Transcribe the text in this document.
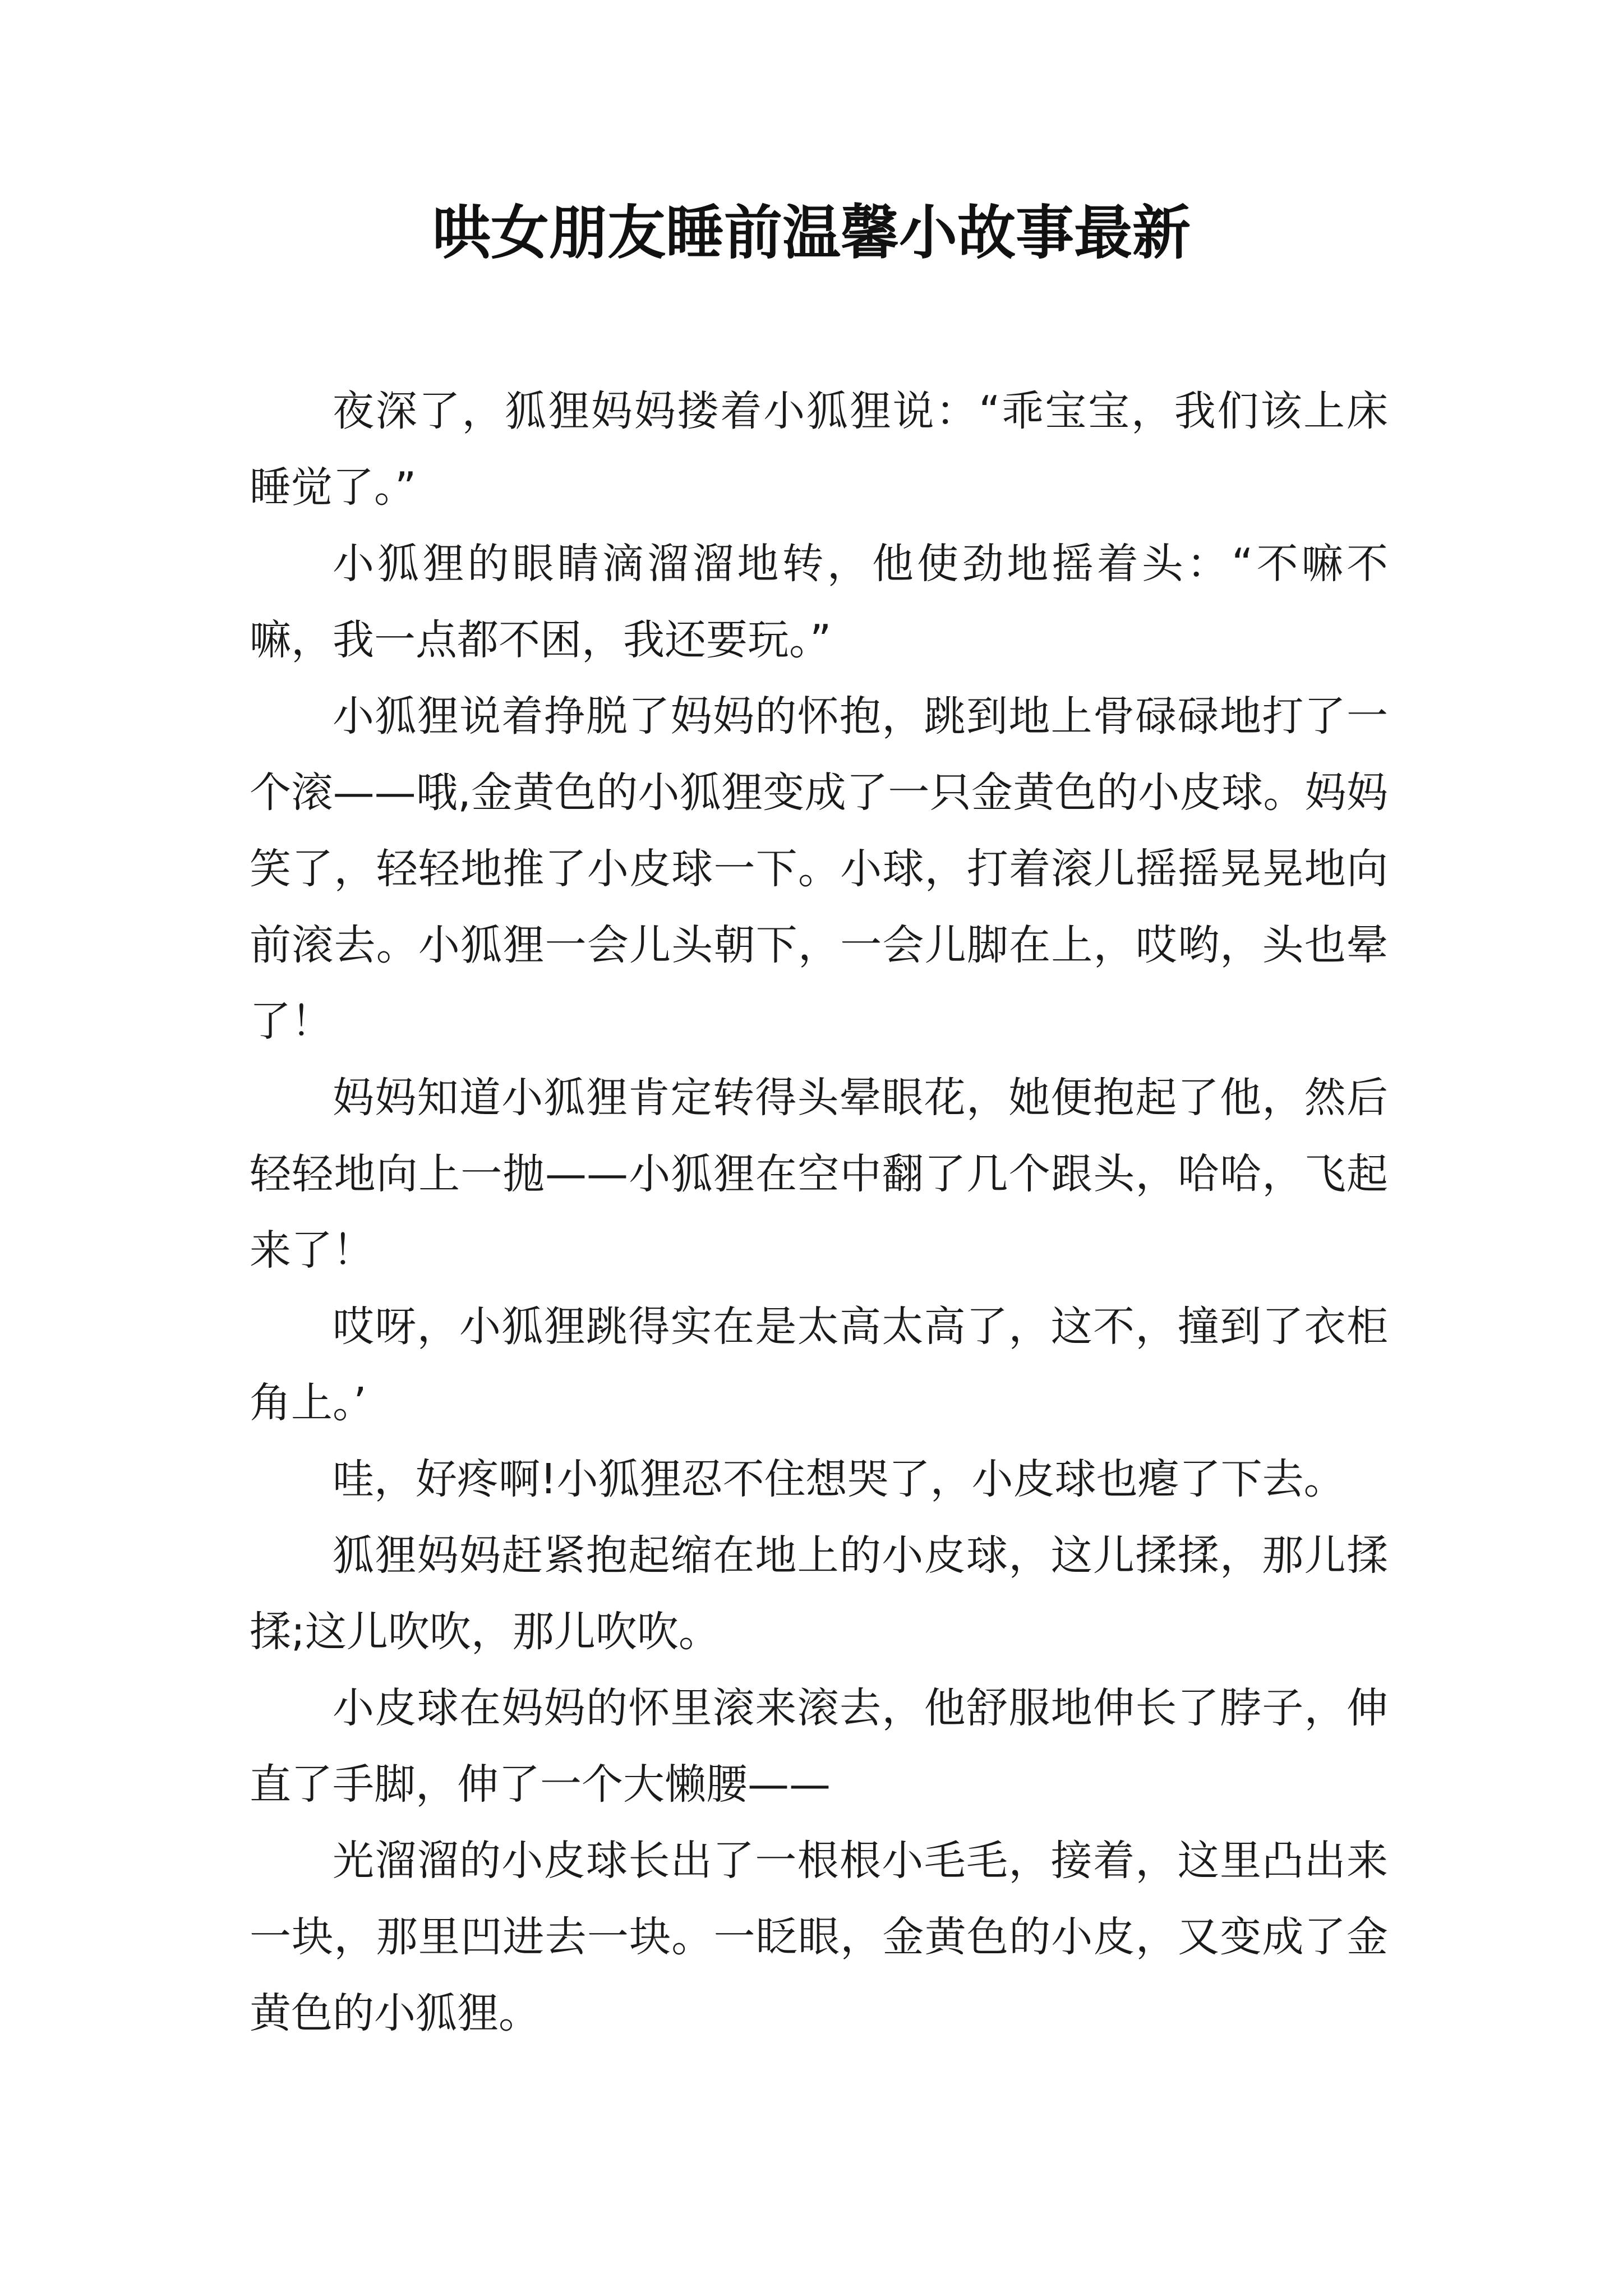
哄女朋友睡前温馨小故事最新

夜深了，狐狸妈妈搂着小狐狸说：“乖宝宝，我们该上床睡觉了。”

小狐狸的眼睛滴溜溜地转，他使劲地摇着头：“不嘛不嘛，我一点都不困，我还要玩。”

小狐狸说着挣脱了妈妈的怀抱，跳到地上骨碌碌地打了一个滚——哦,金黄色的小狐狸变成了一只金黄色的小皮球。妈妈笑了，轻轻地推了小皮球一下。小球，打着滚儿摇摇晃晃地向前滚去。小狐狸一会儿头朝下，一会儿脚在上，哎哟，头也晕了！

妈妈知道小狐狸肯定转得头晕眼花，她便抱起了他，然后轻轻地向上一抛——小狐狸在空中翻了几个跟头，哈哈，飞起来了！

哎呀，小狐狸跳得实在是太高太高了，这不，撞到了衣柜角上。’

哇，好疼啊!小狐狸忍不住想哭了，小皮球也瘪了下去。

狐狸妈妈赶紧抱起缩在地上的小皮球，这儿揉揉，那儿揉揉;这儿吹吹，那儿吹吹。

小皮球在妈妈的怀里滚来滚去，他舒服地伸长了脖子，伸直了手脚，伸了一个大懒腰——

光溜溜的小皮球长出了一根根小毛毛，接着，这里凸出来一块，那里凹进去一块。一眨眼，金黄色的小皮，又变成了金黄色的小狐狸。
